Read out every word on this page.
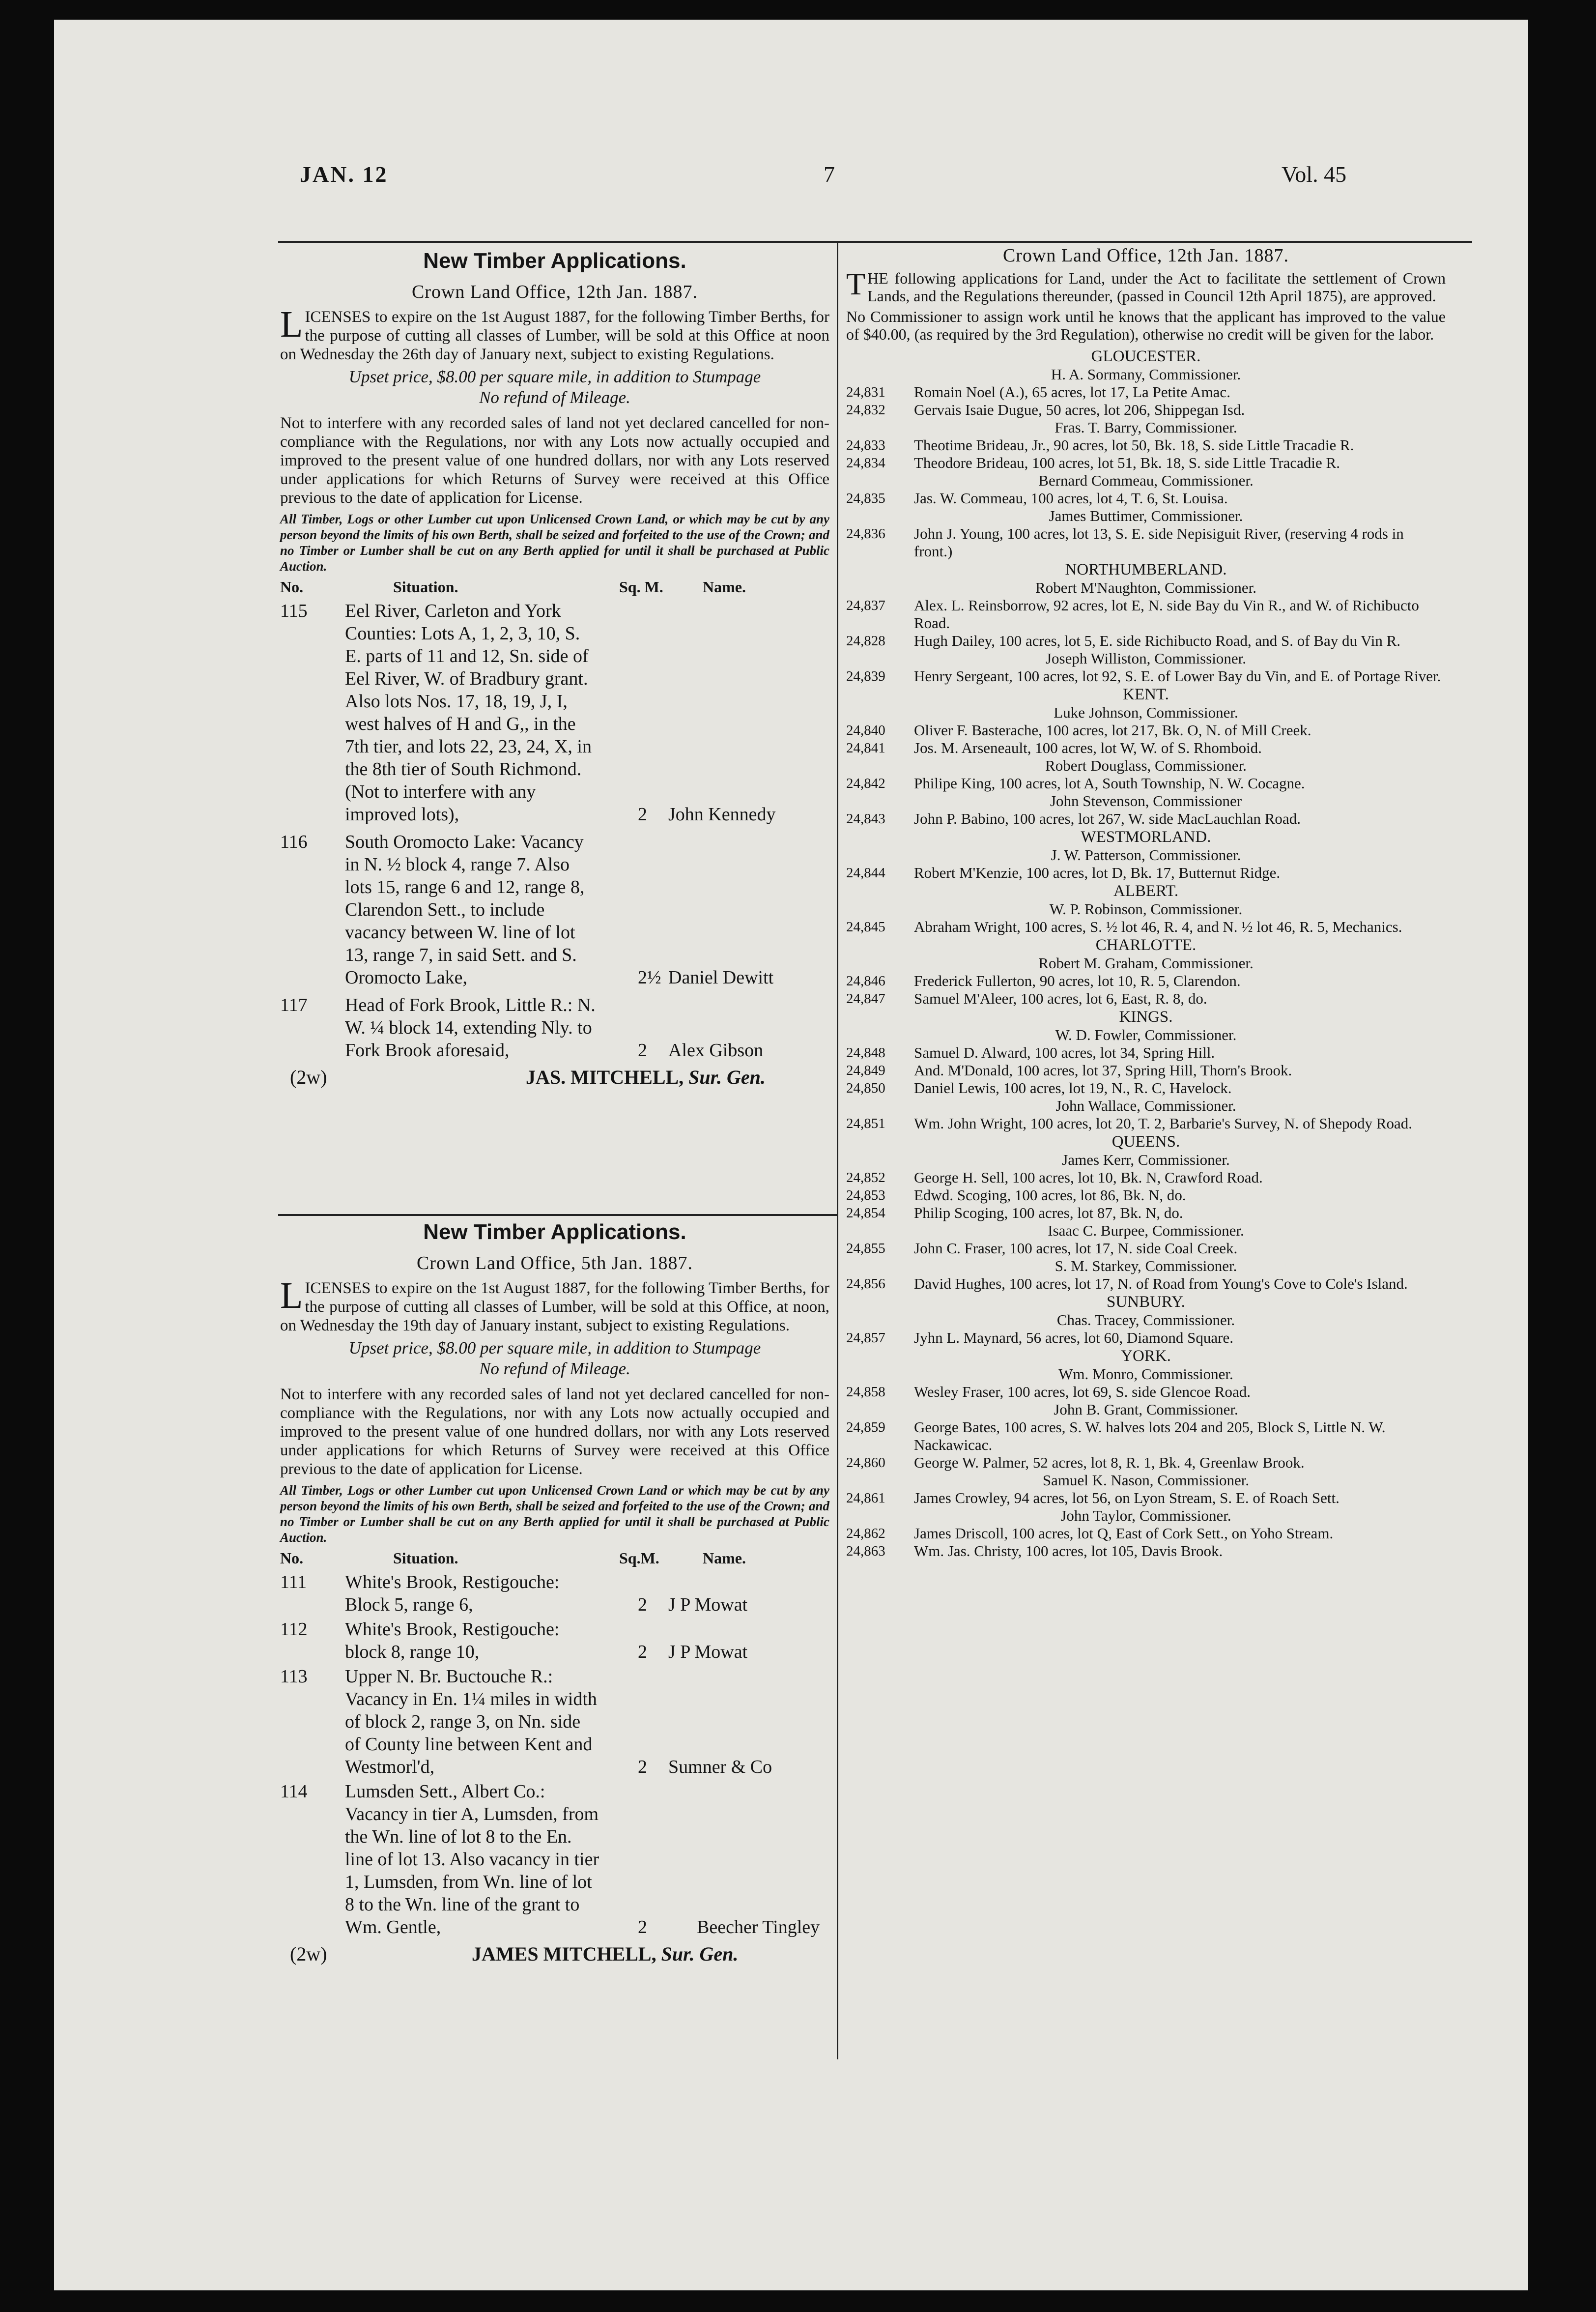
JAN. 12	7	Vol. 45
New Timber Applications.
Crown Land Office, 12th Jan. 1887.
LICENSES to expire on the 1st August 1887, for the following Timber Berths, for the purpose of cutting all classes of Lumber, will be sold at this Office at noon on Wednesday the 26th day of January next, subject to existing Regulations.
Upset price, $8.00 per square mile, in addition to Stumpage
No refund of Mileage.
Not to interfere with any recorded sales of land not yet declared cancelled for non-compliance with the Regulations, nor with any Lots now actually occupied and improved to the present value of one hundred dollars, nor with any Lots reserved under applications for which Returns of Survey were received at this Office previous to the date of application for License.
All Timber, Logs or other Lumber cut upon Unlicensed Crown Land, or which may be cut by any person beyond the limits of his own Berth, shall be seized and forfeited to the use of the Crown; and no Timber or Lumber shall be cut on any Berth applied for until it shall be purchased at Public Auction.
No.	Situation.	Sq. M.	Name.
115 Eel River, Carleton and York Counties: Lots A, 1, 2, 3, 10, S. E. parts of 11 and 12, Sn. side of Eel River, W. of Bradbury grant. Also lots Nos. 17, 18, 19, J, I, west halves of H and G,, in the 7th tier, and lots 22, 23, 24, X, in the 8th tier of South Richmond. (Not to interfere with any improved lots),	2 John Kennedy
116 South Oromocto Lake: Vacancy in N. ½ block 4, range 7. Also lots 15, range 6 and 12, range 8, Clarendon Sett., to include vacancy between W. line of lot 13, range 7, in said Sett. and S. Oromocto Lake,	2½ Daniel Dewitt
117 Head of Fork Brook, Little R.: N. W. ¼ block 14, extending Nly. to Fork Brook aforesaid,	2 Alex Gibson
(2w)	JAS. MITCHELL, Sur. Gen.
New Timber Applications.
Crown Land Office, 5th Jan. 1887.
LICENSES to expire on the 1st August 1887, for the following Timber Berths, for the purpose of cutting all classes of Lumber, will be sold at this Office, at noon, on Wednesday the 19th day of January instant, subject to existing Regulations.
Upset price, $8.00 per square mile, in addition to Stumpage
No refund of Mileage.
Not to interfere with any recorded sales of land not yet declared cancelled for non-compliance with the Regulations, nor with any Lots now actually occupied and improved to the present value of one hundred dollars, nor with any Lots reserved under applications for which Returns of Survey were received at this Office previous to the date of application for License.
All Timber, Logs or other Lumber cut upon Unlicensed Crown Land or which may be cut by any person beyond the limits of his own Berth, shall be seized and forfeited to the use of the Crown; and no Timber or Lumber shall be cut on any Berth applied for until it shall be purchased at Public Auction.
No.	Situation.	Sq.M.	Name.
111 White's Brook, Restigouche: Block 5, range 6,	2 J P Mowat
112 White's Brook, Restigouche: block 8, range 10,	2 J P Mowat
113 Upper N. Br. Buctouche R.: Vacancy in En. 1¼ miles in width of block 2, range 3, on Nn. side of County line between Kent and Westmorl'd,	2 Sumner & Co
114 Lumsden Sett., Albert Co.: Vacancy in tier A, Lumsden, from the Wn. line of lot 8 to the En. line of lot 13. Also vacancy in tier 1, Lumsden, from Wn. line of lot 8 to the Wn. line of the grant to Wm. Gentle,	2	Beecher Tingley
(2w)	JAMES MITCHELL, Sur. Gen.
Crown Land Office, 12th Jan. 1887.
THE following applications for Land, under the Act to facilitate the settlement of Crown Lands, and the Regulations thereunder, (passed in Council 12th April 1875), are approved.
No Commissioner to assign work until he knows that the applicant has improved to the value of $40.00, (as required by the 3rd Regulation), otherwise no credit will be given for the labor.
GLOUCESTER.
H. A. Sormany, Commissioner.
24,831 Romain Noel (A.), 65 acres, lot 17, La Petite Amac.
24,832 Gervais Isaie Dugue, 50 acres, lot 206, Shippegan Isd.
Fras. T. Barry, Commissioner.
24,833 Theotime Brideau, Jr., 90 acres, lot 50, Bk. 18, S. side Little Tracadie R.
24,834 Theodore Brideau, 100 acres, lot 51, Bk. 18, S. side Little Tracadie R.
Bernard Commeau, Commissioner.
24,835 Jas. W. Commeau, 100 acres, lot 4, T. 6, St. Louisa.
James Buttimer, Commissioner.
24,836 John J. Young, 100 acres, lot 13, S. E. side Nepisiguit River, (reserving 4 rods in front.)
NORTHUMBERLAND.
Robert M'Naughton, Commissioner.
24,837 Alex. L. Reinsborrow, 92 acres, lot E, N. side Bay du Vin R., and W. of Richibucto Road.
24,828 Hugh Dailey, 100 acres, lot 5, E. side Richibucto Road, and S. of Bay du Vin R.
Joseph Williston, Commissioner.
24,839 Henry Sergeant, 100 acres, lot 92, S. E. of Lower Bay du Vin, and E. of Portage River.
KENT.
Luke Johnson, Commissioner.
24,840 Oliver F. Basterache, 100 acres, lot 217, Bk. O, N. of Mill Creek.
24,841 Jos. M. Arseneault, 100 acres, lot W, W. of S. Rhomboid.
Robert Douglass, Commissioner.
24,842 Philipe King, 100 acres, lot A, South Township, N. W. Cocagne.
John Stevenson, Commissioner
24,843 John P. Babino, 100 acres, lot 267, W. side MacLauchlan Road.
WESTMORLAND.
J. W. Patterson, Commissioner.
24,844 Robert M'Kenzie, 100 acres, lot D, Bk. 17, Butternut Ridge.
ALBERT.
W. P. Robinson, Commissioner.
24,845 Abraham Wright, 100 acres, S. ½ lot 46, R. 4, and N. ½ lot 46, R. 5, Mechanics.
CHARLOTTE.
Robert M. Graham, Commissioner.
24,846 Frederick Fullerton, 90 acres, lot 10, R. 5, Clarendon.
24,847 Samuel M'Aleer, 100 acres, lot 6, East, R. 8, do.
KINGS.
W. D. Fowler, Commissioner.
24,848 Samuel D. Alward, 100 acres, lot 34, Spring Hill.
24,849 And. M'Donald, 100 acres, lot 37, Spring Hill, Thorn's Brook.
24,850 Daniel Lewis, 100 acres, lot 19, N., R. C, Havelock.
John Wallace, Commissioner.
24,851 Wm. John Wright, 100 acres, lot 20, T. 2, Barbarie's Survey, N. of Shepody Road.
QUEENS.
James Kerr, Commissioner.
24,852 George H. Sell, 100 acres, lot 10, Bk. N, Crawford Road.
24,853 Edwd. Scoging, 100 acres, lot 86, Bk. N, do.
24,854 Philip Scoging, 100 acres, lot 87, Bk. N, do.
Isaac C. Burpee, Commissioner.
24,855 John C. Fraser, 100 acres, lot 17, N. side Coal Creek.
S. M. Starkey, Commissioner.
24,856 David Hughes, 100 acres, lot 17, N. of Road from Young's Cove to Cole's Island.
SUNBURY.
Chas. Tracey, Commissioner.
24,857 Jyhn L. Maynard, 56 acres, lot 60, Diamond Square.
YORK.
Wm. Monro, Commissioner.
24,858 Wesley Fraser, 100 acres, lot 69, S. side Glencoe Road.
John B. Grant, Commissioner.
24,859 George Bates, 100 acres, S. W. halves lots 204 and 205, Block S, Little N. W. Nackawicac.
24,860 George W. Palmer, 52 acres, lot 8, R. 1, Bk. 4, Greenlaw Brook.
Samuel K. Nason, Commissioner.
24,861 James Crowley, 94 acres, lot 56, on Lyon Stream, S. E. of Roach Sett.
John Taylor, Commissioner.
24,862 James Driscoll, 100 acres, lot Q, East of Cork Sett., on Yoho Stream.
24,863 Wm. Jas. Christy, 100 acres, lot 105, Davis Brook.
